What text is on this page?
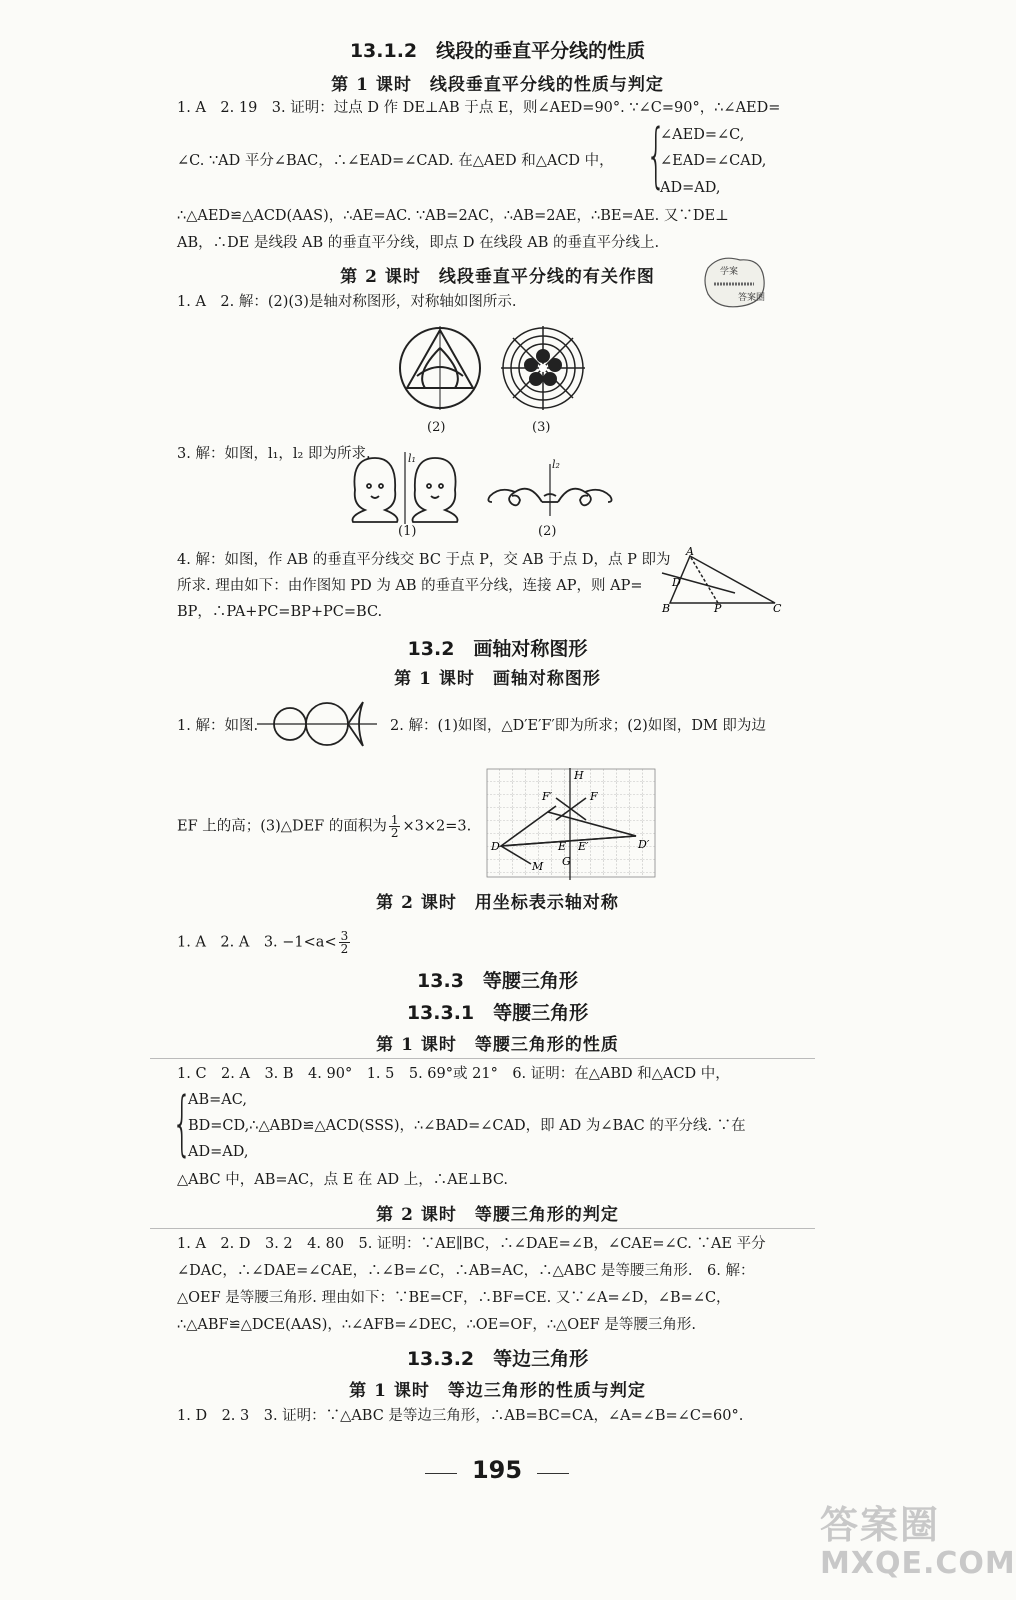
13.1.2　线段的垂直平分线的性质
第 1 课时　线段垂直平分线的性质与判定
1. A　2. 19　3. 证明：过点 D 作 DE⊥AB 于点 E，则∠AED=90°. ∵∠C=90°，∴∠AED=
∠C. ∵AD 平分∠BAC，∴∠EAD=∠CAD. 在△AED 和△ACD 中， {
∠AED=∠C,
∠EAD=∠CAD,
AD=AD,
∴△AED≌△ACD(AAS)，∴AE=AC. ∵AB=2AC，∴AB=2AE，∴BE=AE. 又∵DE⊥
AB，∴DE 是线段 AB 的垂直平分线，即点 D 在线段 AB 的垂直平分线上.
第 2 课时　线段垂直平分线的有关作图	学案
答案圈
1. A　2. 解：(2)(3)是轴对称图形，对称轴如图所示.
(2)	(3)
3. 解：如图，l₁，l₂ 即为所求.	l₁
(1)
l₂
(2)
4. 解：如图，作 AB 的垂直平分线交 BC 于点 P，交 AB 于点 D，点 P 即为
所求. 理由如下：由作图知 PD 为 AB 的垂直平分线，连接 AP，则 AP=
BP，∴PA+PC=BP+PC=BC.
A
B	C
D
P
13.2　画轴对称图形
第 1 课时　画轴对称图形
1. 解：如图.	2. 解：(1)如图，△D′E′F′即为所求；(2)如图，DM 即为边
EF 上的高；(3)△DEF 的面积为 $\frac{1}{2} \times 3\times 2=3$.
H
F′	F
D	E E′	D′
G
M
第 2 课时　用坐标表示轴对称
1. A　2. A　3. $-1<a< \frac{3}{2}$
13.3　等腰三角形
13.3.1　等腰三角形
第 1 课时　等腰三角形的性质
1. C　2. A　3. B　4. 90°　1. 5　5. 69°或 21°　6. 证明：在△ABD 和△ACD 中，
{
AB=AC,
BD=CD,∴△ABD≌△ACD(SSS)，∴∠BAD=∠CAD，即 AD 为∠BAC 的平分线. ∵在
AD=AD,
△ABC 中，AB=AC，点 E 在 AD 上，∴AE⊥BC.
第 2 课时　等腰三角形的判定
1. A　2. D　3. 2　4. 80　5. 证明：∵AE∥BC，∴∠DAE=∠B，∠CAE=∠C. ∵AE 平分
∠DAC，∴∠DAE=∠CAE，∴∠B=∠C，∴AB=AC，∴△ABC 是等腰三角形.　6. 解：
△OEF 是等腰三角形. 理由如下：∵BE=CF，∴BF=CE. 又∵∠A=∠D，∠B=∠C，
∴△ABF≌△DCE(AAS)，∴∠AFB=∠DEC，∴OE=OF，∴△OEF 是等腰三角形.
13.3.2　等边三角形
第 1 课时　等边三角形的性质与判定
1. D　2. 3　3. 证明：∵△ABC 是等边三角形，∴AB=BC=CA，∠A=∠B=∠C=60°.
195
答案圈
MXQE.COM
